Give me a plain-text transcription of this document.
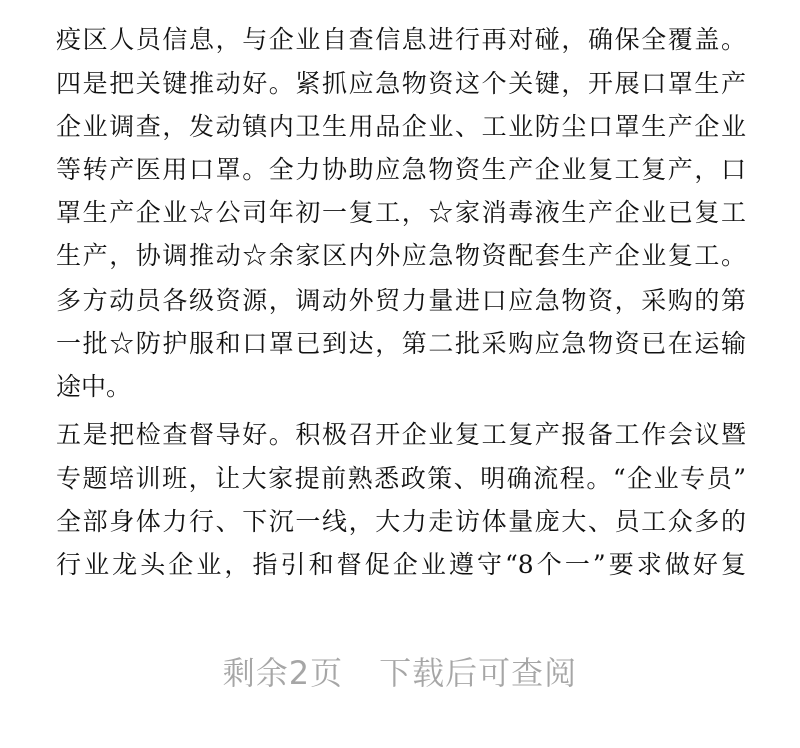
疫区人员信息，与企业自查信息进行再对碰，确保全覆盖。
四是把关键推动好。紧抓应急物资这个关键，开展口罩生产
企业调查，发动镇内卫生用品企业、工业防尘口罩生产企业
等转产医用口罩。全力协助应急物资生产企业复工复产，口
罩生产企业☆公司年初一复工，☆家消毒液生产企业已复工
生产，协调推动☆余家区内外应急物资配套生产企业复工。
多方动员各级资源，调动外贸力量进口应急物资，采购的第
一批☆防护服和口罩已到达，第二批采购应急物资已在运输
途中。
五是把检查督导好。积极召开企业复工复产报备工作会议暨
专题培训班，让大家提前熟悉政策、明确流程。“企业专员”
全部身体力行、下沉一线，大力走访体量庞大、员工众多的
行业龙头企业，指引和督促企业遵守“8个一”要求做好复
剩余2页 下载后可查阅
